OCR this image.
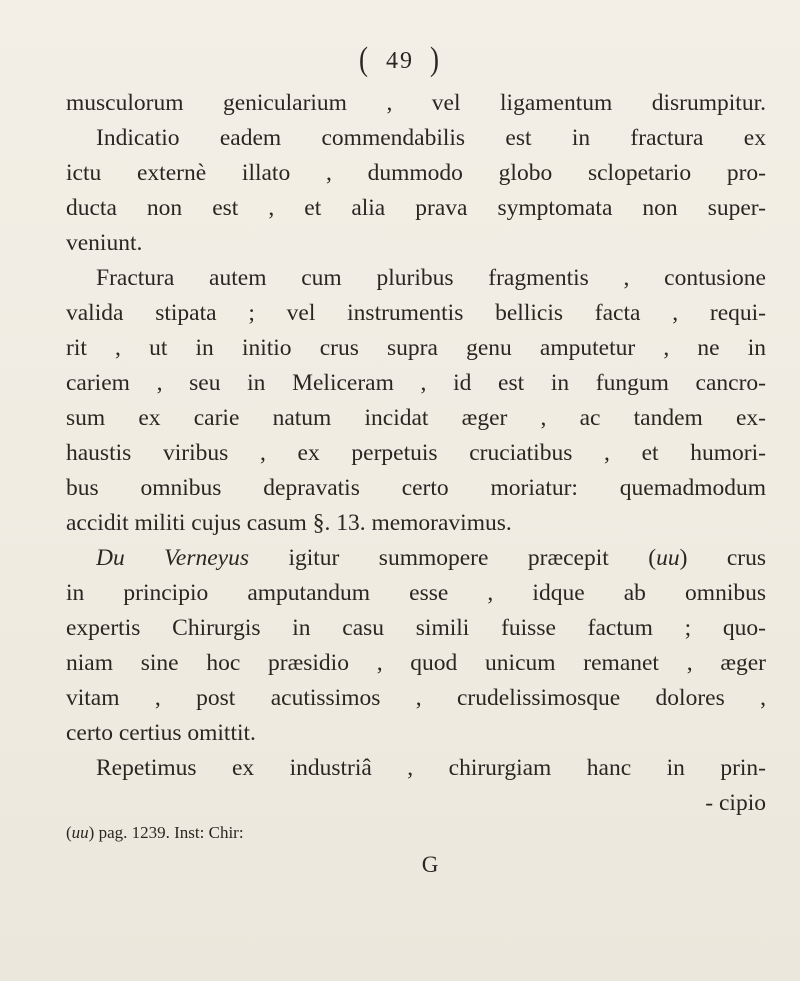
( 49 )
musculorum genicularium , vel ligamentum disrumpitur.
Indicatio eadem commendabilis est in fractura ex
ictu externè illato , dummodo globo sclopetario pro-
ducta non est , et alia prava symptomata non super-
veniunt.
Fractura autem cum pluribus fragmentis , contusione
valida stipata ; vel instrumentis bellicis facta , requi-
rit , ut in initio crus supra genu amputetur , ne in
cariem , seu in Meliceram , id est in fungum cancro-
sum ex carie natum incidat æger , ac tandem ex-
haustis viribus , ex perpetuis cruciatibus , et humori-
bus omnibus depravatis certo moriatur: quemadmodum
accidit militi cujus casum §. 13. memoravimus.
Du Verneyus igitur summopere præcepit (uu) crus
in principio amputandum esse , idque ab omnibus
expertis Chirurgis in casu simili fuisse factum ; quo-
niam sine hoc præsidio , quod unicum remanet , æger
vitam , post acutissimos , crudelissimosque dolores ,
certo certius omittit.
Repetimus ex industriâ , chirurgiam hanc in prin-
- cipio
(uu) pag. 1239. Inst: Chir:
G
